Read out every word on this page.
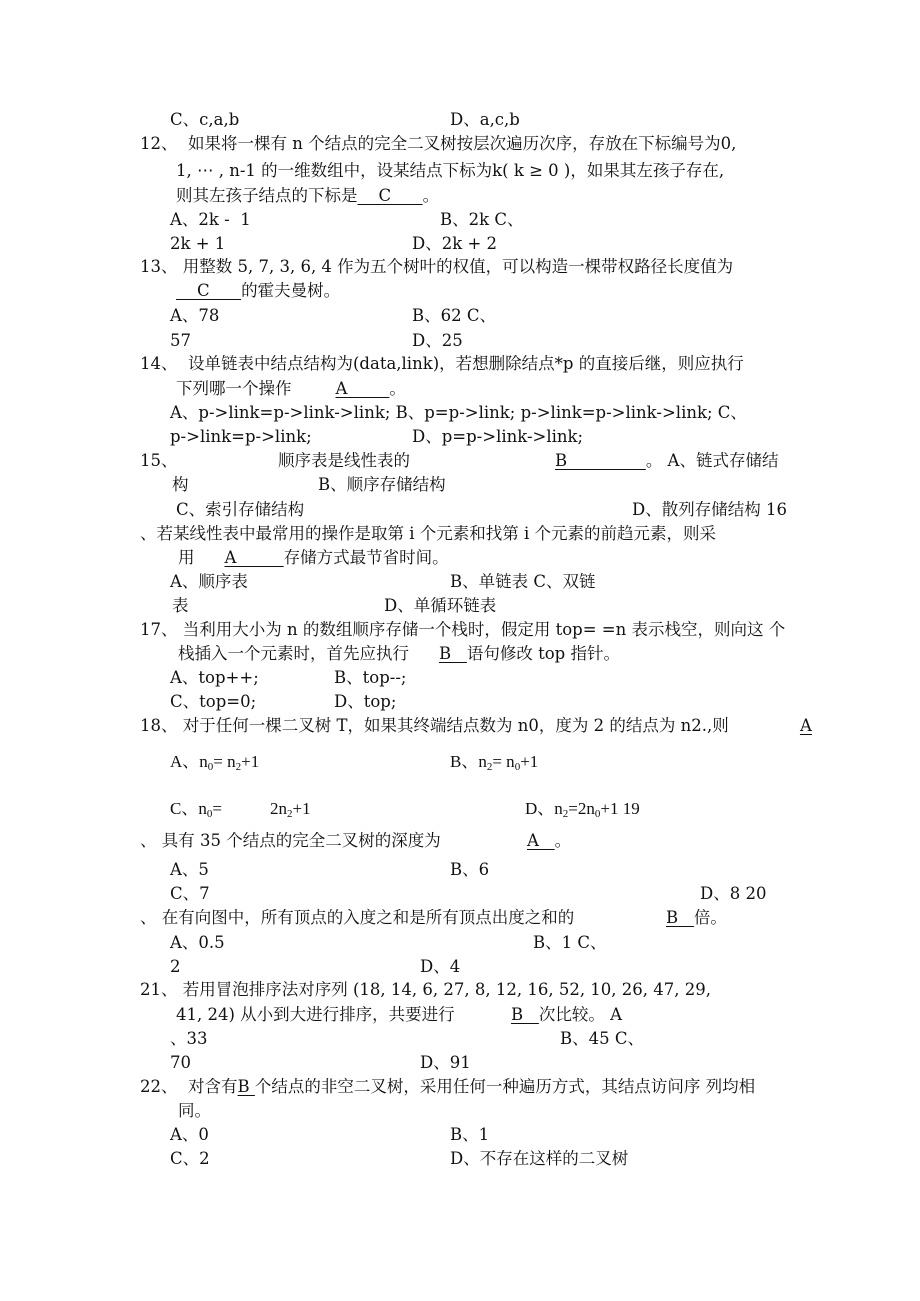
C、c,a,b	D、a,c,b
12、  如果将一棵有 n 个结点的完全二叉树按层次遍历次序，存放在下标编号为0,
1, ⋯ , n-1 的一维数组中，设某结点下标为k( k ≥ 0 )，如果其左孩子存在,
则其左孩子结点的下标是    C      。
A、2k -  1	B、2k C、
2k + 1	D、2k + 2
13、 用整数 5, 7, 3, 6, 4 作为五个树叶的权值，可以构造一棵带权路径长度值为
C      的霍夫曼树。
A、78	B、62 C、
57	D、25
14、  设单链表中结点结构为(data,link)，若想删除结点*p 的直接后继，则应执行
下列哪一个操作	A        。
A、p->link=p->link->link; B、p=p->link; p->link=p->link->link; C、
p->link=p->link;	D、p=p->link->link;
15、	顺序表是线性表的	B               。 A、链式存储结
构	B、顺序存储结构
C、索引存储结构	D、散列存储结构 16
、若某线性表中最常用的操作是取第 i 个元素和找第 i 个元素的前趋元素，则采
用 A         存储方式最节省时间。
A、顺序表	B、单链表 C、双链
表	D、单循环链表
17、 当利用大小为 n 的数组顺序存储一个栈时，假定用 top= =n 表示栈空，则向这 个
栈插入一个元素时，首先应执行 B   语句修改 top 指针。
A、top++;	B、top--;
C、top=0;	D、top;
18、 对于任何一棵二叉树 T，如果其终端结点数为 n0，度为 2 的结点为 n2.,则	A
A、$n_0= n_2+1$	B、$n_2= n_0+1$
C、$n_0=$	$2n_2+1$	D、$n_2=2n_0+1$ 19
、 具有 35 个结点的完全二叉树的深度为	A   。
A、5	B、6
C、7	D、8 20
、 在有向图中，所有顶点的入度之和是所有顶点出度之和的	B   倍。
A、0.5	B、1 C、
2	D、4
21、 若用冒泡排序法对序列 (18, 14, 6, 27, 8, 12, 16, 52, 10, 26, 47, 29,
41, 24) 从小到大进行排序，共要进行	B   次比较。 A
、33	B、45 C、
70	D、91
22、  对含有B 个结点的非空二叉树，采用任何一种遍历方式，其结点访问序 列均相
同。
A、0	B、1
C、2	D、不存在这样的二叉树
